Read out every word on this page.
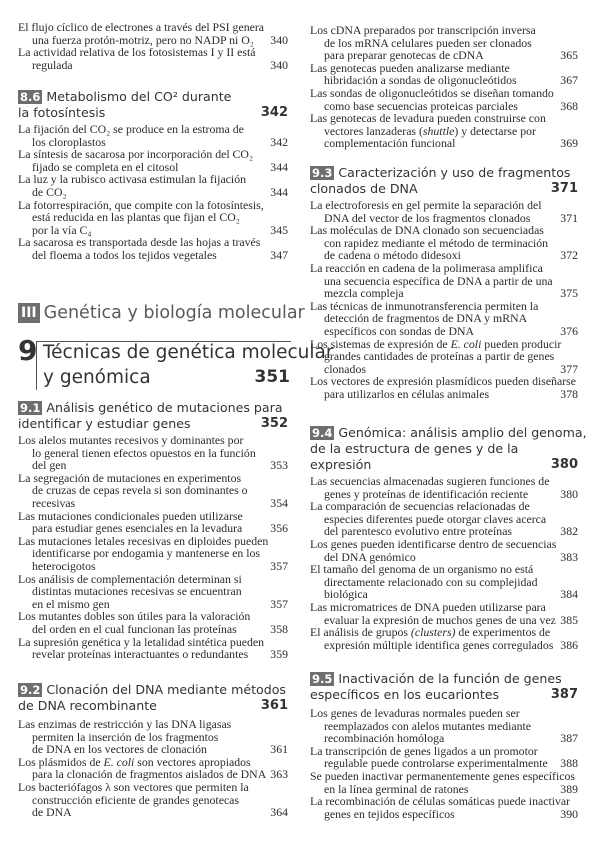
III Genética y biología molecular
9 Técnicas de genética molecular
y genómica	351
El flujo cíclico de electrones a través del PSI genera
una fuerza protón-motriz, pero no NADP ni O₂ 340
La actividad relativa de los fotosistemas I y II está
regulada	340
8.6 Metabolismo del CO² durante
la fotosíntesis	342
La fijación del CO₂ se produce en la estroma de
los cloroplastos	342
La síntesis de sacarosa por incorporación del CO₂
fijado se completa en el citosol	344
La luz y la rubisco activasa estimulan la fijación
de CO₂	344
La fotorrespiración, que compite con la fotosíntesis,
está reducida en las plantas que fijan el CO₂
por la vía C₄	345
La sacarosa es transportada desde las hojas a través
del floema a todos los tejidos vegetales	347
9.1 Análisis genético de mutaciones para
identificar y estudiar genes	352
Los alelos mutantes recesivos y dominantes por
lo general tienen efectos opuestos en la función
del gen	353
La segregación de mutaciones en experimentos
de cruzas de cepas revela si son dominantes o
recesivas	354
Las mutaciones condicionales pueden utilizarse
para estudiar genes esenciales en la levadura 356
Las mutaciones letales recesivas en diploides pueden
identificarse por endogamia y mantenerse en los
heterocigotos	357
Los análisis de complementación determinan si
distintas mutaciones recesivas se encuentran
en el mismo gen	357
Los mutantes dobles son útiles para la valoración
del orden en el cual funcionan las proteínas	358
La supresión genética y la letalidad sintética pueden
revelar proteínas interactuantes o redundantes 359
9.2 Clonación del DNA mediante métodos
de DNA recombinante	361
Las enzimas de restricción y las DNA ligasas
permiten la inserción de los fragmentos
de DNA en los vectores de clonación	361
Los plásmidos de E. coli son vectores apropiados
para la clonación de fragmentos aislados de DNA 363
Los bacteriófagos λ son vectores que permiten la
construcción eficiente de grandes genotecas
de DNA	364
Los cDNA preparados por transcripción inversa
de los mRNA celulares pueden ser clonados
para preparar genotecas de cDNA	365
Las genotecas pueden analizarse mediante
hibridación a sondas de oligonucleótidos	367
Las sondas de oligonucleótidos se diseñan tomando
como base secuencias proteicas parciales	368
Las genotecas de levadura pueden construirse con
vectores lanzaderas (shuttle) y detectarse por
complementación funcional	369
9.3 Caracterización y uso de fragmentos
clonados de DNA	371
La electroforesis en gel permite la separación del
DNA del vector de los fragmentos clonados	371
Las moléculas de DNA clonado son secuenciadas
con rapidez mediante el método de terminación
de cadena o método didesoxi	372
La reacción en cadena de la polimerasa amplifica
una secuencia específica de DNA a partir de una
mezcla compleja	375
Las técnicas de inmunotransferencia permiten la
detección de fragmentos de DNA y mRNA
específicos con sondas de DNA	376
Los sistemas de expresión de E. coli pueden producir
grandes cantidades de proteínas a partir de genes
clonados	377
Los vectores de expresión plasmídicos pueden diseñarse
para utilizarlos en células animales	378
9.4 Genómica: análisis amplio del genoma,
de la estructura de genes y de la
expresión	380
Las secuencias almacenadas sugieren funciones de
genes y proteínas de identificación reciente	380
La comparación de secuencias relacionadas de
especies diferentes puede otorgar claves acerca
del parentesco evolutivo entre proteínas	382
Los genes pueden identificarse dentro de secuencias
del DNA genómico	383
El tamaño del genoma de un organismo no está
directamente relacionado con su complejidad
biológica	384
Las micromatrices de DNA pueden utilizarse para
evaluar la expresión de muchos genes de una vez 385
El análisis de grupos (clusters) de experimentos de
expresión múltiple identifica genes corregulados 386
9.5 Inactivación de la función de genes
específicos en los eucariontes	387
Los genes de levaduras normales pueden ser
reemplazados con alelos mutantes mediante
recombinación homóloga	387
La transcripción de genes ligados a un promotor
regulable puede controlarse experimentalmente 388
Se pueden inactivar permanentemente genes específicos
en la línea germinal de ratones	389
La recombinación de células somáticas puede inactivar
genes en tejidos específicos	390
